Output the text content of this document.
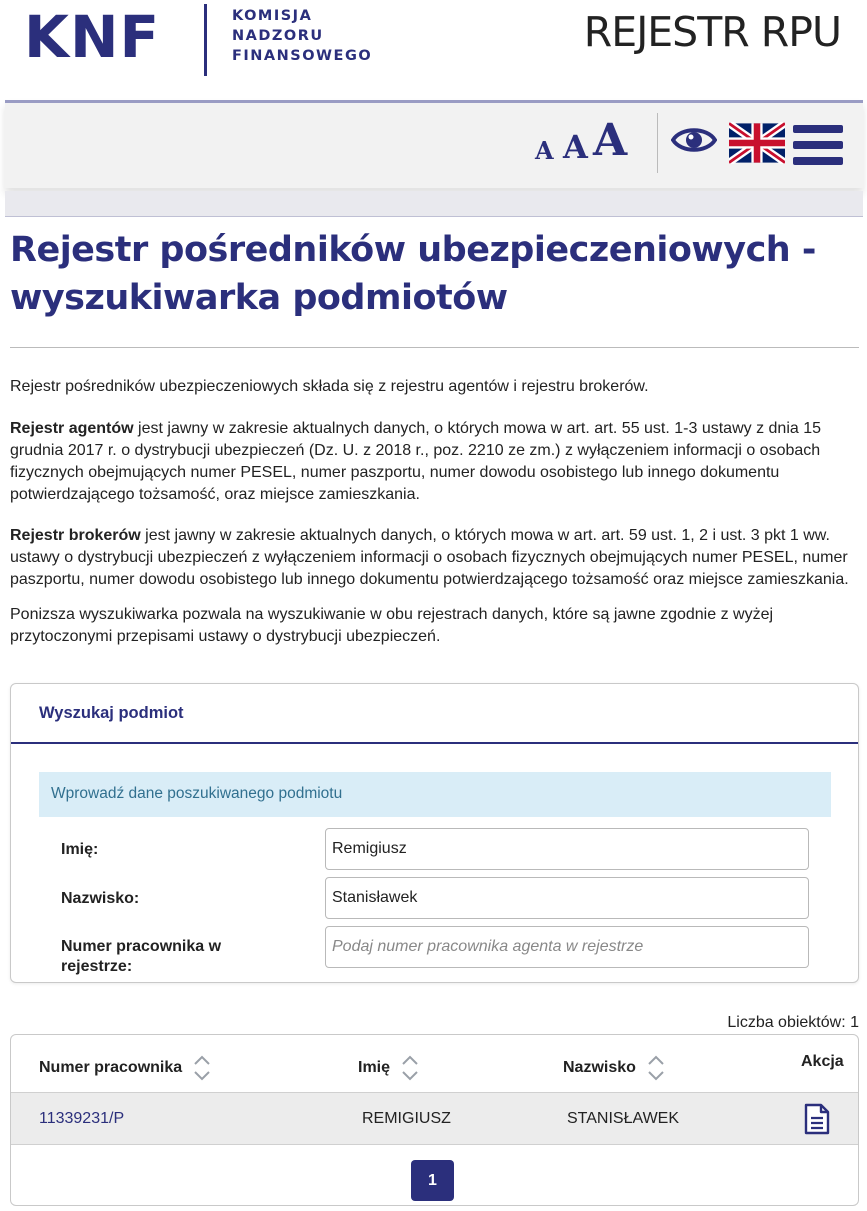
KNF	KOMISJA
NADZORU
FINANSOWEGO	REJESTR RPU
A A A
Rejestr pośredników ubezpieczeniowych - wyszukiwarka podmiotów

Rejestr pośredników ubezpieczeniowych składa się z rejestru agentów i rejestru brokerów.

Rejestr agentów jest jawny w zakresie aktualnych danych, o których mowa w art. art. 55 ust. 1-3 ustawy z dnia 15 grudnia 2017 r. o dystrybucji ubezpieczeń (Dz. U. z 2018 r., poz. 2210 ze zm.) z wyłączeniem informacji o osobach fizycznych obejmujących numer PESEL, numer paszportu, numer dowodu osobistego lub innego dokumentu potwierdzającego tożsamość, oraz miejsce zamieszkania.

Rejestr brokerów jest jawny w zakresie aktualnych danych, o których mowa w art. art. 59 ust. 1, 2 i ust. 3 pkt 1 ww. ustawy o dystrybucji ubezpieczeń z wyłączeniem informacji o osobach fizycznych obejmujących numer PESEL, numer paszportu, numer dowodu osobistego lub innego dokumentu potwierdzającego tożsamość oraz miejsce zamieszkania.

Ponizsza wyszukiwarka pozwala na wyszukiwanie w obu rejestrach danych, które są jawne zgodnie z wyżej przytoczonymi przepisami ustawy o dystrybucji ubezpieczeń.

Wyszukaj podmiot
Wprowadź dane poszukiwanego podmiotu
Imię:
Remigiusz
Nazwisko:
Stanisławek
Numer pracownika w rejestrze:
Podaj numer pracownika agenta w rejestrze
Liczba obiektów: 1
Numer pracownika	Imię	Nazwisko	Akcja
11339231/P	REMIGIUSZ	STANISŁAWEK
1
